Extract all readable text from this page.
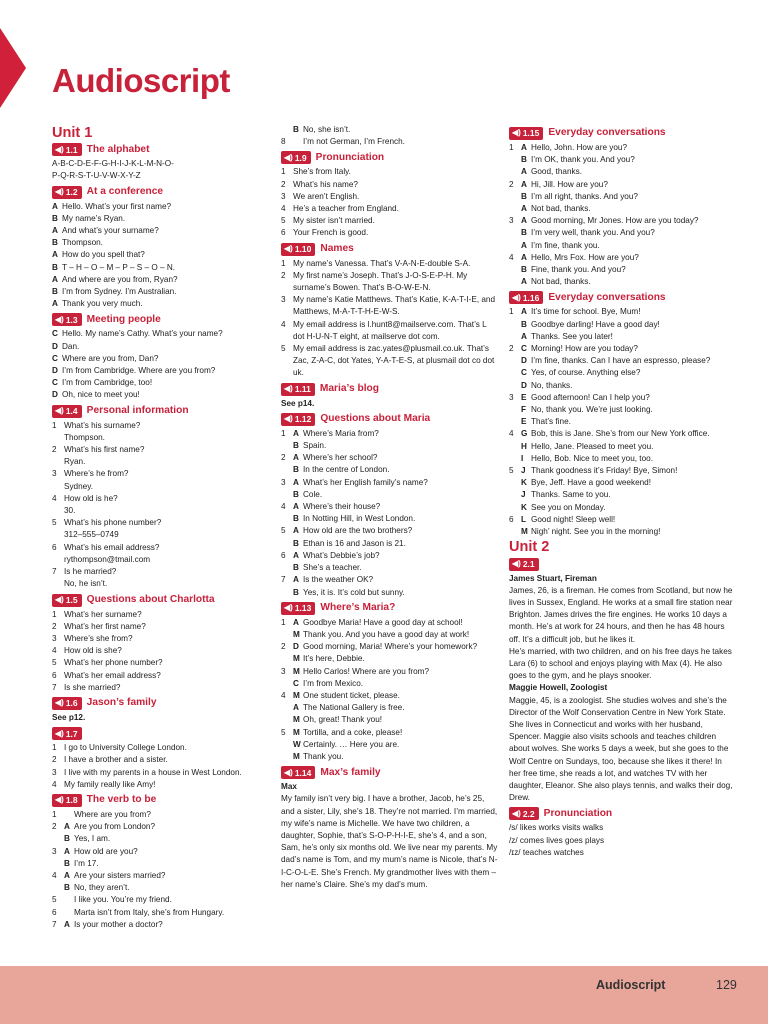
Audioscript
Unit 1
◀) 1.1 The alphabet
A-B-C-D-E-F-G-H-I-J-K-L-M-N-O-
P-Q-R-S-T-U-V-W-X-Y-Z
◀) 1.2 At a conference
A Hello. What’s your first name?
B My name’s Ryan.
A And what’s your surname?
B Thompson.
A How do you spell that?
B T – H – O – M – P – S – O – N.
A And where are you from, Ryan?
B I’m from Sydney. I’m Australian.
A Thank you very much.
◀) 1.3 Meeting people
C Hello. My name’s Cathy. What’s your name?
D Dan.
C Where are you from, Dan?
D I’m from Cambridge. Where are you from?
C I’m from Cambridge, too!
D Oh, nice to meet you!
◀) 1.4 Personal information
1 What’s his surname?
Thompson.
2 What’s his first name?
Ryan.
3 Where’s he from?
Sydney.
4 How old is he?
30.
5 What’s his phone number?
312–555–0749
6 What’s his email address?
rythompson@tmail.com
7 Is he married?
No, he isn’t.
◀) 1.5 Questions about Charlotta
1 What’s her surname?
2 What’s her first name?
3 Where’s she from?
4 How old is she?
5 What’s her phone number?
6 What’s her email address?
7 Is she married?
◀) 1.6 Jason’s family
See p12.
◀) 1.7
1 I go to University College London.
2 I have a brother and a sister.
3 I live with my parents in a house in West London.
4 My family really like Amy!
◀) 1.8 The verb to be
1	Where are you from?
2 A Are you from London?
B Yes, I am.
3 A How old are you?
B I’m 17.
4 A Are your sisters married?
B No, they aren’t.
5	I like you. You’re my friend.
6	Marta isn’t from Italy, she’s from Hungary.
7 A Is your mother a doctor?
B No, she isn’t.
8	I’m not German, I’m French.
◀) 1.9 Pronunciation
1 She’s from Italy.
2 What’s his name?
3 We aren’t English.
4 He’s a teacher from England.
5 My sister isn’t married.
6 Your French is good.
◀) 1.10 Names
1 My name’s Vanessa. That’s V-A-N-E-double S-A.
2 My first name’s Joseph. That’s J-O-S-E-P-H. My surname’s Bowen. That’s B-O-W-E-N.
3 My name’s Katie Matthews. That’s Katie, K-A-T-I-E, and Matthews, M-A-T-T-H-E-W-S.
4 My email address is l.hunt8@mailserve.com. That’s L dot H-U-N-T eight, at mailserve dot com.
5 My email address is zac.yates@plusmail.co.uk. That’s Zac, Z-A-C, dot Yates, Y-A-T-E-S, at plusmail dot co dot uk.
◀) 1.11 Maria’s blog
See p14.
◀) 1.12 Questions about Maria
1 A Where’s Maria from?
B Spain.
2 A Where’s her school?
B In the centre of London.
3 A What’s her English family’s name?
B Cole.
4 A Where’s their house?
B In Notting Hill, in West London.
5 A How old are the two brothers?
B Ethan is 16 and Jason is 21.
6 A What’s Debbie’s job?
B She’s a teacher.
7 A Is the weather OK?
B Yes, it is. It’s cold but sunny.
◀) 1.13 Where’s Maria?
1 A Goodbye Maria! Have a good day at school!
M Thank you. And you have a good day at work!
2 D Good morning, Maria! Where’s your homework?
M It’s here, Debbie.
3 M Hello Carlos! Where are you from?
C I’m from Mexico.
4 M One student ticket, please.
A The National Gallery is free.
M Oh, great! Thank you!
5 M Tortilla, and a coke, please!
W Certainly. … Here you are.
M Thank you.
◀) 1.14 Max’s family
Max
My family isn’t very big. I have a brother, Jacob, he’s 25, and a sister, Lily, she’s 18. They’re not married. I’m married, my wife’s name is Michelle. We have two children, a daughter, Sophie, that’s S-O-P-H-I-E, she’s 4, and a son, Sam, he’s only six months old. We live near my parents. My dad’s name is Tom, and my mum’s name is Nicole, that’s N-I-C-O-L-E. She’s French. My grandmother lives with them – her name’s Claire. She’s my dad’s mum.
◀) 1.15 Everyday conversations
1 A Hello, John. How are you?
B I’m OK, thank you. And you?
A Good, thanks.
2 A Hi, Jill. How are you?
B I’m all right, thanks. And you?
A Not bad, thanks.
3 A Good morning, Mr Jones. How are you today?
B I’m very well, thank you. And you?
A I’m fine, thank you.
4 A Hello, Mrs Fox. How are you?
B Fine, thank you. And you?
A Not bad, thanks.
◀) 1.16 Everyday conversations
1 A It’s time for school. Bye, Mum!
B Goodbye darling! Have a good day!
A Thanks. See you later!
2 C Morning! How are you today?
D I’m fine, thanks. Can I have an espresso, please?
C Yes, of course. Anything else?
D No, thanks.
3 E Good afternoon! Can I help you?
F No, thank you. We’re just looking.
E That’s fine.
4 G Bob, this is Jane. She’s from our New York office.
H Hello, Jane. Pleased to meet you.
I Hello, Bob. Nice to meet you, too.
5 J Thank goodness it’s Friday! Bye, Simon!
K Bye, Jeff. Have a good weekend!
J Thanks. Same to you.
K See you on Monday.
6 L Good night! Sleep well!
M Nigh’ night. See you in the morning!
Unit 2
◀) 2.1
James Stuart, Fireman
James, 26, is a fireman. He comes from Scotland, but now he lives in Sussex, England. He works at a small fire station near Brighton. James drives the fire engines. He works 10 days a month. He’s at work for 24 hours, and then he has 48 hours off. It’s a difficult job, but he likes it.
He’s married, with two children, and on his free days he takes Lara (6) to school and enjoys playing with Max (4). He also goes to the gym, and he plays snooker.
Maggie Howell, Zoologist
Maggie, 45, is a zoologist. She studies wolves and she’s the Director of the Wolf Conservation Centre in New York State. She lives in Connecticut and works with her husband, Spencer. Maggie also visits schools and teaches children about wolves. She works 5 days a week, but she goes to the Wolf Centre on Sundays, too, because she likes it there! In her free time, she reads a lot, and watches TV with her daughter, Eleanor. She also plays tennis, and walks their dog, Drew.
◀) 2.2 Pronunciation
/s/ likes works visits walks
/z/ comes lives goes plays
/ɪz/ teaches watches
Audioscript	129
